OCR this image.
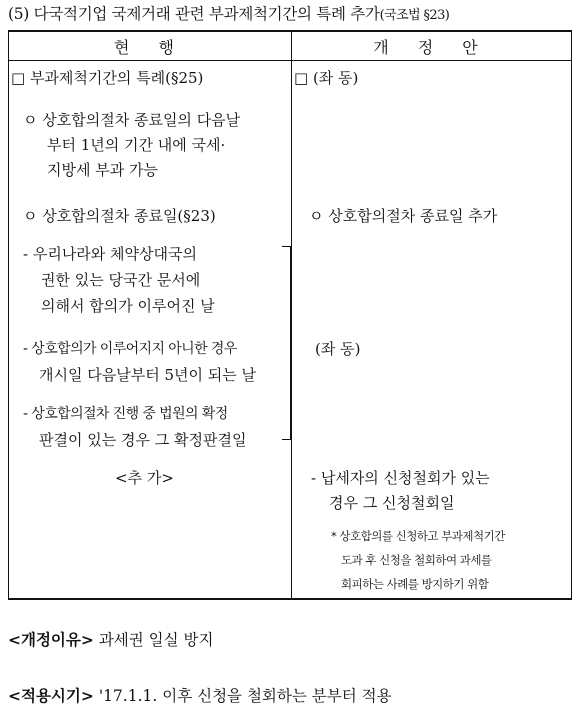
(5) 다국적기업 국제거래 관련 부과제척기간의 특례 추가(국조법 §23)
현 행	개 정 안
□ 부과제척기간의 특례(§25)
ㅇ 상호합의절차 종료일의 다음날
부터 1년의 기간 내에 국세·
지방세 부과 가능
ㅇ 상호합의절차 종료일(§23)
- 우리나라와 체약상대국의
권한 있는 당국간 문서에
의해서 합의가 이루어진 날
- 상호합의가 이루어지지 아니한 경우
개시일 다음날부터 5년이 되는 날
- 상호합의절차 진행 중 법원의 확정
판결이 있는 경우 그 확정판결일
<추 가>
□ (좌 동)
ㅇ 상호합의절차 종료일 추가
(좌 동)
- 납세자의 신청철회가 있는
경우 그 신청철회일
* 상호합의를 신청하고 부과제척기간
도과 후 신청을 철회하여 과세를
회피하는 사례를 방지하기 위함
<개정이유> 과세권 일실 방지
<적용시기> '17.1.1. 이후 신청을 철회하는 분부터 적용
